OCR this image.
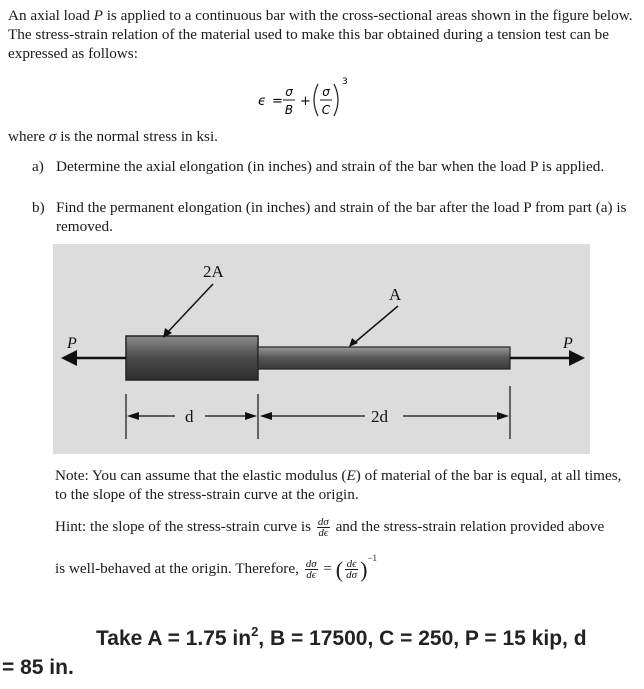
An axial load P is applied to a continuous bar with the cross-sectional areas shown in the figure below. The stress-strain relation of the material used to make this bar obtained during a tension test can be expressed as follows:
ϵ =
σ
B
+
σ
C
3
where σ is the normal stress in ksi.
a) Determine the axial elongation (in inches) and strain of the bar when the load P is applied.
b) Find the permanent elongation (in inches) and strain of the bar after the load P from part (a) is removed.
P	P
2A
A
d	2d
Note: You can assume that the elastic modulus (E) of material of the bar is equal, at all times, to the slope of the stress-strain curve at the origin.
Hint: the slope of the stress-strain curve is $\frac{d\sigma}{d\epsilon}$ and the stress-strain relation provided above
is well-behaved at the origin. Therefore, $\frac{d\sigma}{d\epsilon}$ = ( $\frac{d\epsilon}{d\sigma} )^{-1}$
Take A = 1.75 $in^2$, B = 17500, C = 250, P = 15 kip, d
= 85 in.
